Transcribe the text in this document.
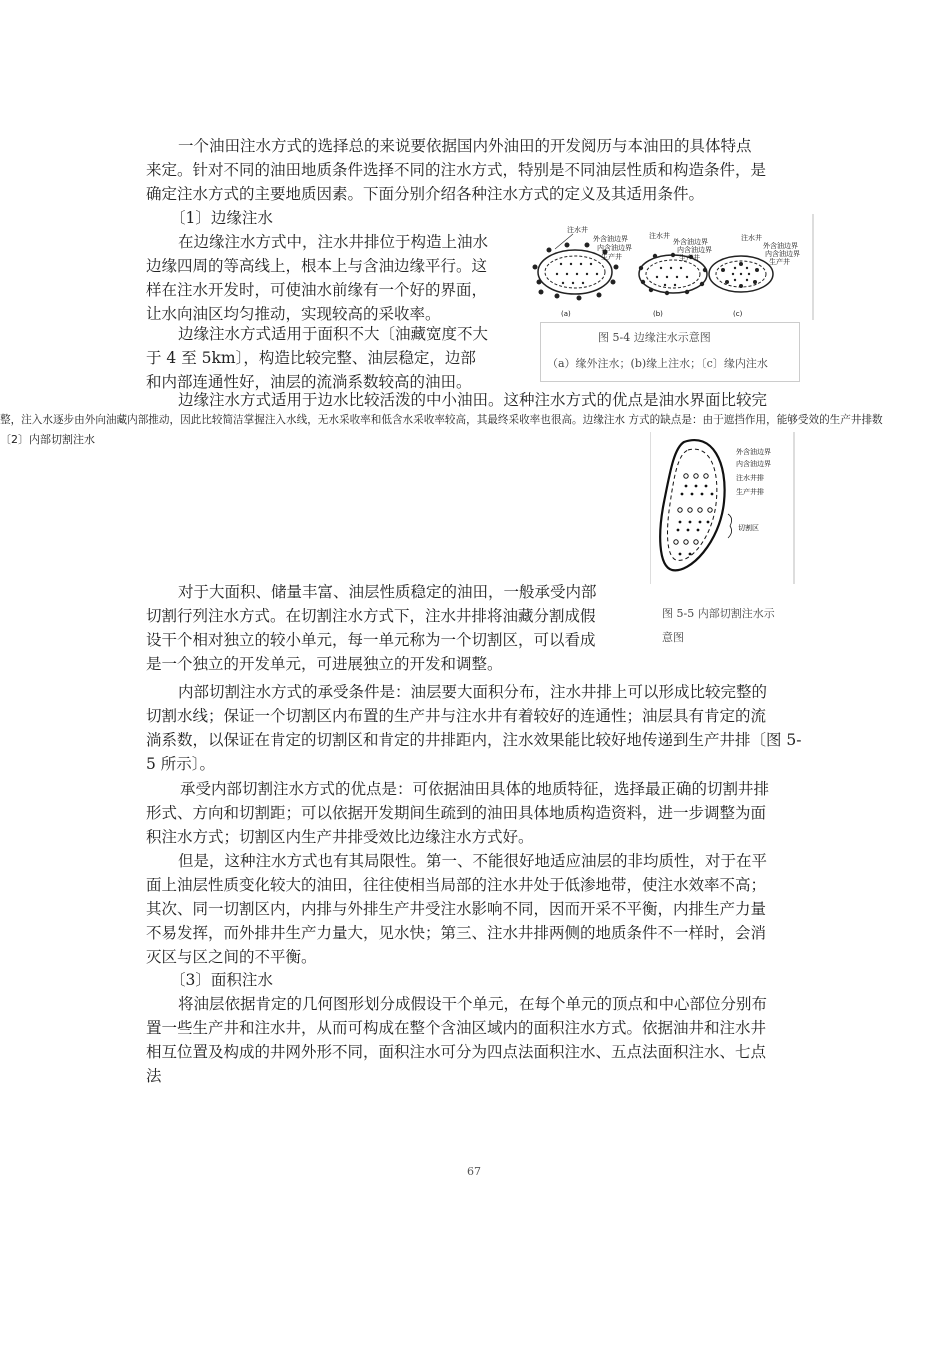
一个油田注水方式的选择总的来说要依据国内外油田的开发阅历与本油田的具体特点
来定。针对不同的油田地质条件选择不同的注水方式，特别是不同油层性质和构造条件，是
确定注水方式的主要地质因素。下面分别介绍各种注水方式的定义及其适用条件。
〔1〕边缘注水
在边缘注水方式中，注水井排位于构造上油水
边缘四周的等高线上，根本上与含油边缘平行。这
样在注水开发时，可使油水前缘有一个好的界面，
让水向油区均匀推动，实现较高的采收率。
边缘注水方式适用于面积不大〔油藏宽度不大
于 4 至 5km〕，构造比较完整、油层稳定，边部
和内部连通性好，油层的流淌系数较高的油田。
注水井
外含油边界
内含油边界
生产井
(a)
注水井
外含油边界
内含油边界
生产井
(b)
注水井
外含油边界
内含油边界
生产井
(c)
图 5-4 边缘注水示意图
（a）缘外注水；(b)缘上注水；〔c〕缘内注水
边缘注水方式适用于边水比较活泼的中小油田。这种注水方式的优点是油水界面比较完
整，注入水逐步由外向油藏内部推动，因此比较简洁掌握注入水线，无水采收率和低含水采收率较高，其最终采收率也很高。边缘注水 方式的缺点是：由于遮挡作用，能够受效的生产井排数
〔2〕内部切割注水
外含油边界
内含油边界
注水井排
生产井排
切割区
图 5-5 内部切割注水示
意图
对于大面积、储量丰富、油层性质稳定的油田，一般承受内部
切割行列注水方式。在切割注水方式下，注水井排将油藏分割成假
设干个相对独立的较小单元，每一单元称为一个切割区，可以看成
是一个独立的开发单元，可进展独立的开发和调整。
内部切割注水方式的承受条件是：油层要大面积分布，注水井排上可以形成比较完整的
切割水线；保证一个切割区内布置的生产井与注水井有着较好的连通性；油层具有肯定的流
淌系数，以保证在肯定的切割区和肯定的井排距内，注水效果能比较好地传递到生产井排〔图 5-
5 所示〕。
承受内部切割注水方式的优点是：可依据油田具体的地质特征，选择最正确的切割井排
形式、方向和切割距；可以依据开发期间生疏到的油田具体地质构造资料，进一步调整为面
积注水方式；切割区内生产井排受效比边缘注水方式好。
但是，这种注水方式也有其局限性。第一、不能很好地适应油层的非均质性，对于在平
面上油层性质变化较大的油田，往往使相当局部的注水井处于低渗地带，使注水效率不高；
其次、同一切割区内，内排与外排生产井受注水影响不同，因而开采不平衡，内排生产力量
不易发挥，而外排井生产力量大，见水快；第三、注水井排两侧的地质条件不一样时，会消
灭区与区之间的不平衡。
〔3〕面积注水
将油层依据肯定的几何图形划分成假设干个单元，在每个单元的顶点和中心部位分别布
置一些生产井和注水井，从而可构成在整个含油区域内的面积注水方式。依据油井和注水井
相互位置及构成的井网外形不同，面积注水可分为四点法面积注水、五点法面积注水、七点
法
67
